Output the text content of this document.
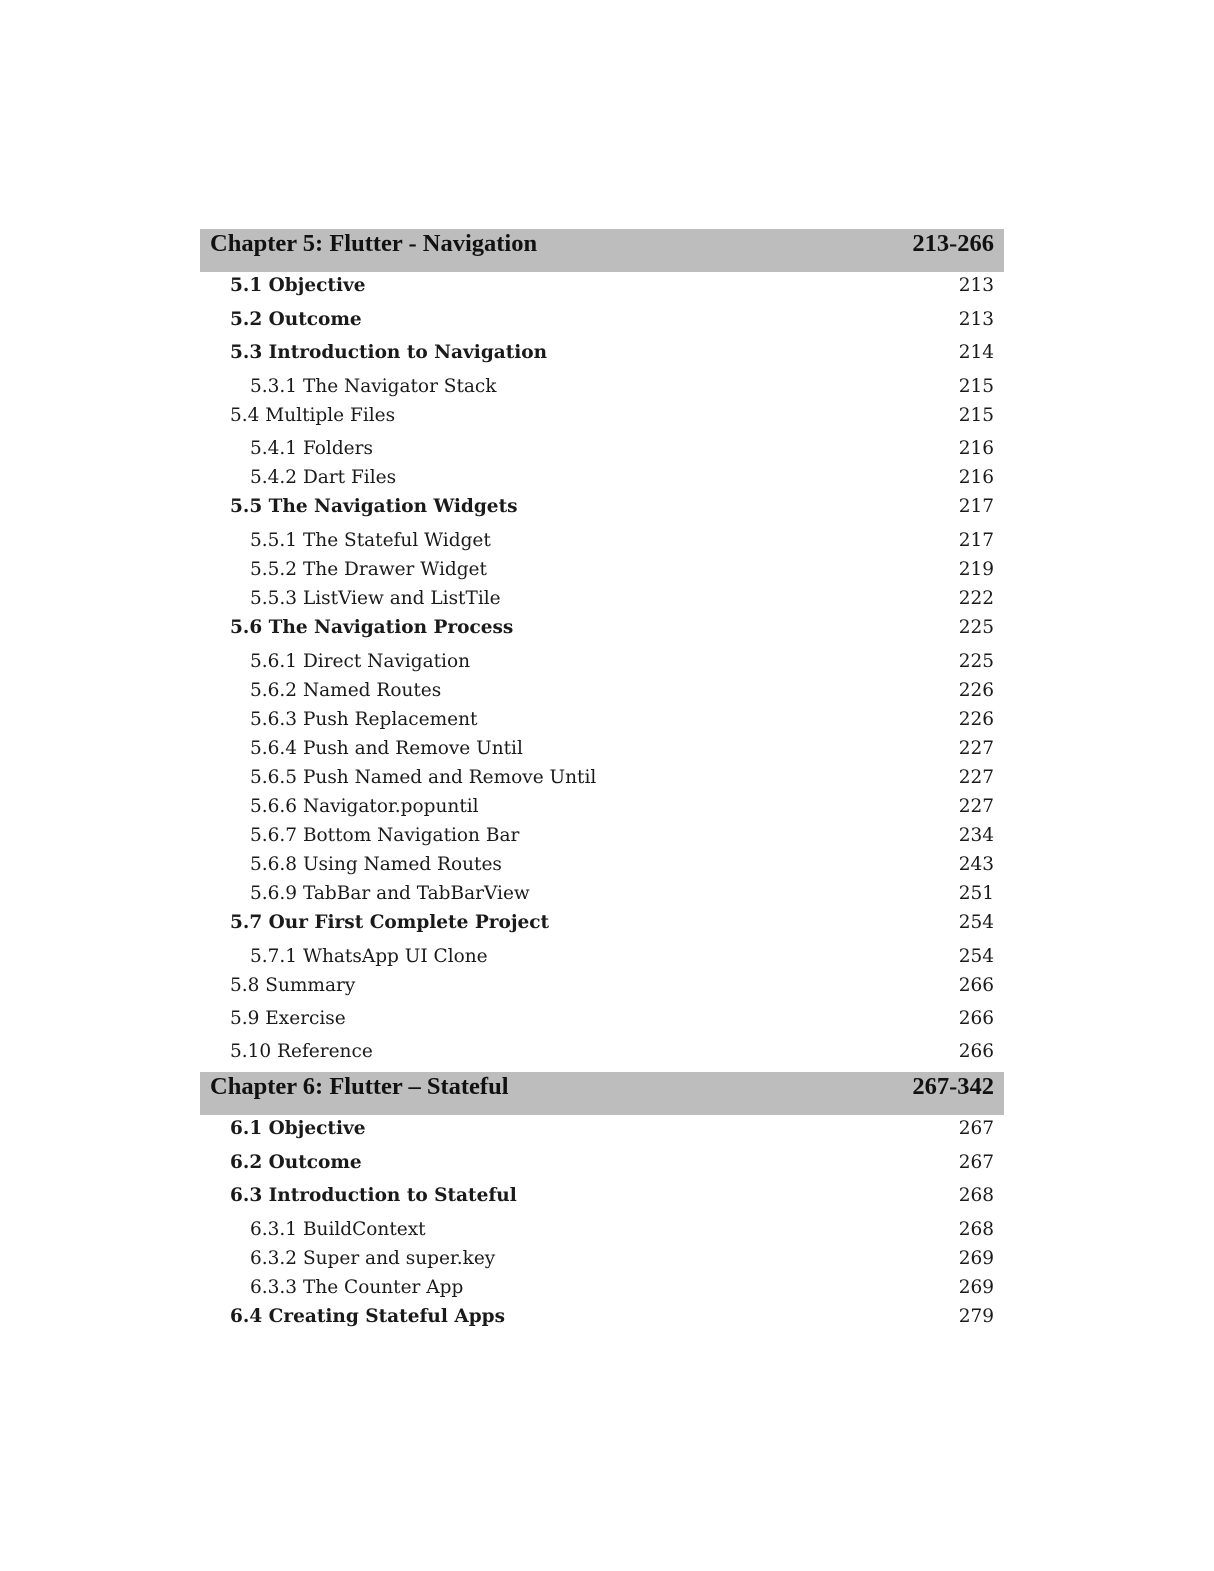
Chapter 5: Flutter - Navigation	213-266
5.1 Objective	213
5.2 Outcome	213
5.3 Introduction to Navigation	214
5.3.1 The Navigator Stack	215
5.4 Multiple Files	215
5.4.1 Folders	216
5.4.2 Dart Files	216
5.5 The Navigation Widgets	217
5.5.1 The Stateful Widget	217
5.5.2 The Drawer Widget	219
5.5.3 ListView and ListTile	222
5.6 The Navigation Process	225
5.6.1 Direct Navigation	225
5.6.2 Named Routes	226
5.6.3 Push Replacement	226
5.6.4 Push and Remove Until	227
5.6.5 Push Named and Remove Until	227
5.6.6 Navigator.popuntil	227
5.6.7 Bottom Navigation Bar	234
5.6.8 Using Named Routes	243
5.6.9 TabBar and TabBarView	251
5.7 Our First Complete Project	254
5.7.1 WhatsApp UI Clone	254
5.8 Summary	266
5.9 Exercise	266
5.10 Reference	266
Chapter 6: Flutter – Stateful	267-342
6.1 Objective	267
6.2 Outcome	267
6.3 Introduction to Stateful	268
6.3.1 BuildContext	268
6.3.2 Super and super.key	269
6.3.3 The Counter App	269
6.4 Creating Stateful Apps	279
